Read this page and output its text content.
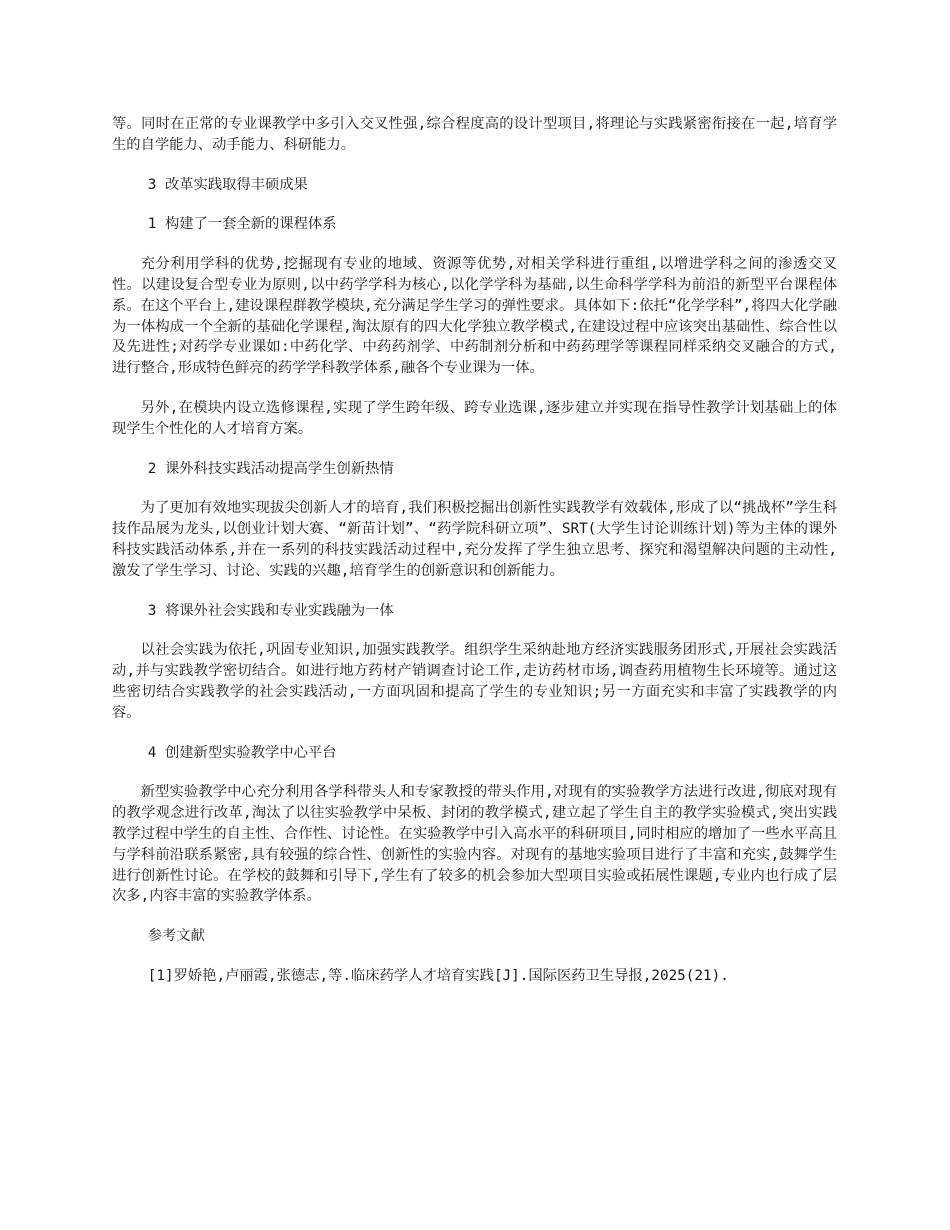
等。同时在正常的专业课教学中多引入交叉性强,综合程度高的设计型项目,将理论与实践紧密衔接在一起,培育学生的自学能力、动手能力、科研能力。

3 改革实践取得丰硕成果

1 构建了一套全新的课程体系

充分利用学科的优势,挖掘现有专业的地域、资源等优势,对相关学科进行重组,以增进学科之间的渗透交叉性。以建设复合型专业为原则,以中药学学科为核心,以化学学科为基础,以生命科学学科为前沿的新型平台课程体系。在这个平台上,建设课程群教学模块,充分满足学生学习的弹性要求。具体如下:依托“化学学科”,将四大化学融为一体构成一个全新的基础化学课程,淘汰原有的四大化学独立教学模式,在建设过程中应该突出基础性、综合性以及先进性;对药学专业课如:中药化学、中药药剂学、中药制剂分析和中药药理学等课程同样采纳交叉融合的方式,进行整合,形成特色鲜亮的药学学科教学体系,融各个专业课为一体。

另外,在模块内设立选修课程,实现了学生跨年级、跨专业选课,逐步建立并实现在指导性教学计划基础上的体现学生个性化的人才培育方案。

2 课外科技实践活动提高学生创新热情

为了更加有效地实现拔尖创新人才的培育,我们积极挖掘出创新性实践教学有效载体,形成了以“挑战杯”学生科技作品展为龙头,以创业计划大赛、“新苗计划”、“药学院科研立项”、SRT(大学生讨论训练计划)等为主体的课外科技实践活动体系,并在一系列的科技实践活动过程中,充分发挥了学生独立思考、探究和渴望解决问题的主动性,激发了学生学习、讨论、实践的兴趣,培育学生的创新意识和创新能力。

3 将课外社会实践和专业实践融为一体

以社会实践为依托,巩固专业知识,加强实践教学。组织学生采纳赴地方经济实践服务团形式,开展社会实践活动,并与实践教学密切结合。如进行地方药材产销调查讨论工作,走访药材市场,调查药用植物生长环境等。通过这些密切结合实践教学的社会实践活动,一方面巩固和提高了学生的专业知识;另一方面充实和丰富了实践教学的内容。

4 创建新型实验教学中心平台

新型实验教学中心充分利用各学科带头人和专家教授的带头作用,对现有的实验教学方法进行改进,彻底对现有的教学观念进行改革,淘汰了以往实验教学中呆板、封闭的教学模式,建立起了学生自主的教学实验模式,突出实践教学过程中学生的自主性、合作性、讨论性。在实验教学中引入高水平的科研项目,同时相应的增加了一些水平高且与学科前沿联系紧密,具有较强的综合性、创新性的实验内容。对现有的基地实验项目进行了丰富和充实,鼓舞学生进行创新性讨论。在学校的鼓舞和引导下,学生有了较多的机会参加大型项目实验或拓展性课题,专业内也行成了层次多,内容丰富的实验教学体系。

参考文献

[1]罗娇艳,卢丽霞,张德志,等.临床药学人才培育实践[J].国际医药卫生导报,2025(21).
